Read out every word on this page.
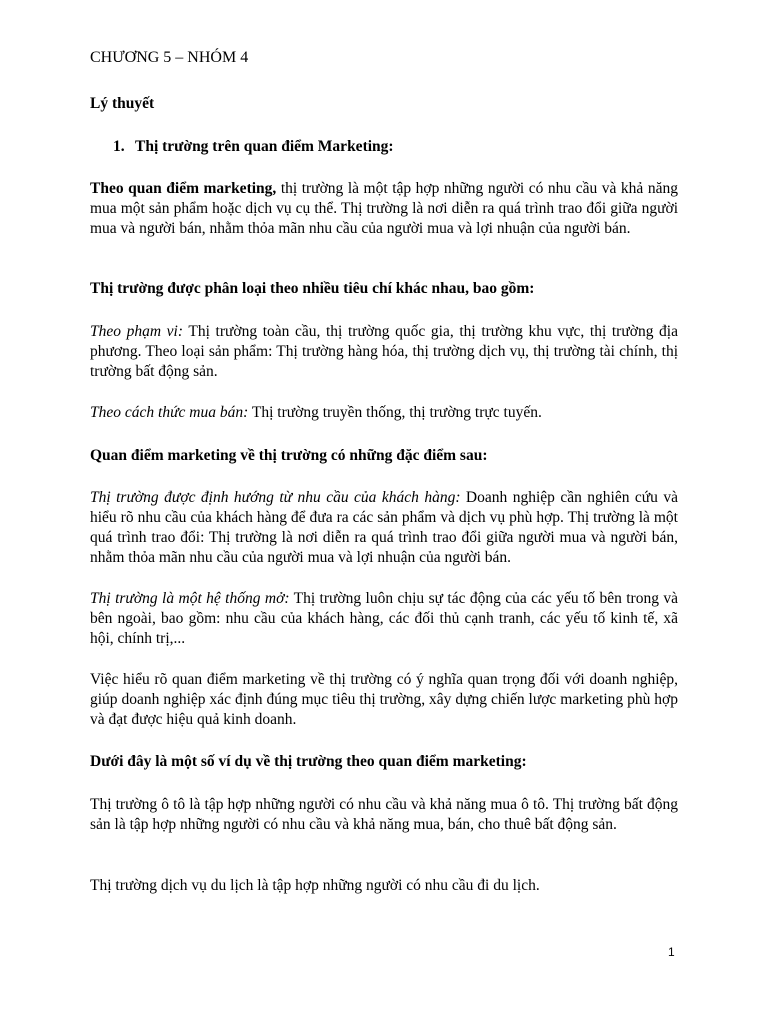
CHƯƠNG 5 – NHÓM 4

Lý thuyết

1. Thị trường trên quan điểm Marketing:

Theo quan điểm marketing, thị trường là một tập hợp những người có nhu cầu và khả năng mua một sản phẩm hoặc dịch vụ cụ thể. Thị trường là nơi diễn ra quá trình trao đổi giữa người mua và người bán, nhằm thỏa mãn nhu cầu của người mua và lợi nhuận của người bán.

Thị trường được phân loại theo nhiều tiêu chí khác nhau, bao gồm:

Theo phạm vi: Thị trường toàn cầu, thị trường quốc gia, thị trường khu vực, thị trường địa phương. Theo loại sản phẩm: Thị trường hàng hóa, thị trường dịch vụ, thị trường tài chính, thị trường bất động sản.

Theo cách thức mua bán: Thị trường truyền thống, thị trường trực tuyến.

Quan điểm marketing về thị trường có những đặc điểm sau:

Thị trường được định hướng từ nhu cầu của khách hàng: Doanh nghiệp cần nghiên cứu và hiểu rõ nhu cầu của khách hàng để đưa ra các sản phẩm và dịch vụ phù hợp. Thị trường là một quá trình trao đổi: Thị trường là nơi diễn ra quá trình trao đổi giữa người mua và người bán, nhằm thỏa mãn nhu cầu của người mua và lợi nhuận của người bán.

Thị trường là một hệ thống mở: Thị trường luôn chịu sự tác động của các yếu tố bên trong và bên ngoài, bao gồm: nhu cầu của khách hàng, các đối thủ cạnh tranh, các yếu tố kinh tế, xã hội, chính trị,...

Việc hiểu rõ quan điểm marketing về thị trường có ý nghĩa quan trọng đối với doanh nghiệp, giúp doanh nghiệp xác định đúng mục tiêu thị trường, xây dựng chiến lược marketing phù hợp và đạt được hiệu quả kinh doanh.

Dưới đây là một số ví dụ về thị trường theo quan điểm marketing:

Thị trường ô tô là tập hợp những người có nhu cầu và khả năng mua ô tô. Thị trường bất động sản là tập hợp những người có nhu cầu và khả năng mua, bán, cho thuê bất động sản.

Thị trường dịch vụ du lịch là tập hợp những người có nhu cầu đi du lịch.

1
